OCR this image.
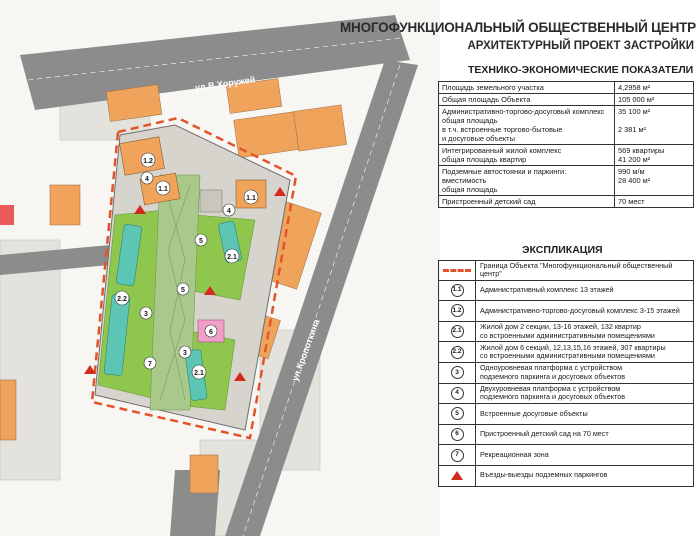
ул.В.Хоружей
ул.Кропоткина
1.2
4
1.1
1.1
4
5
2.1
5
2.2
3
6
3
7
2.1
МНОГОФУНКЦИОНАЛЬНЫЙ ОБЩЕСТВЕННЫЙ ЦЕНТР
АРХИТЕКТУРНЫЙ ПРОЕКТ ЗАСТРОЙКИ
ТЕХНИКО-ЭКОНОМИЧЕСКИЕ ПОКАЗАТЕЛИ
Площадь земельного участка	4,2958 м²
Общая площадь Объекта	105 000 м²
Административно-торгово-досуговый комплекс
общая площадь
в т.ч. встроенные торгово-бытовые
и досуговые объекты	35 100 м²

2 381 м²
Интегрированный жилой комплекс
общая площадь квартир	569 квартиры
41 200 м²
Подземные автостоянки и паркинги:
вместимость
общая площадь	990 м/м
28 400 м²
Пристроенный детский сад	70 мест
ЭКСПЛИКАЦИЯ
Граница Объекта "Многофункциональный общественный центр"
1.1	Административный комплекс 13 этажей
1.2	Административно-торгово-досуговый комплекс 3-15 этажей
2.1	Жилой дом 2 секции, 13-16 этажей, 132 квартир
со встроенными административными помещениями
2.2	Жилой дом 6 секций, 12,13,15,16 этажей, 307 квартиры
со встроенными административными помещениями
3	Одноуровневая платформа с устройством
подземного паркинга и досуговых объектов
4	Двухуровневая платформа с устройством
подземного паркинга и досуговых объектов
5	Встроенные досуговые объекты
6	Пристроенный детский сад на 70 мест
7	Рекреационная зона
Въезды-выезды подземных паркингов
